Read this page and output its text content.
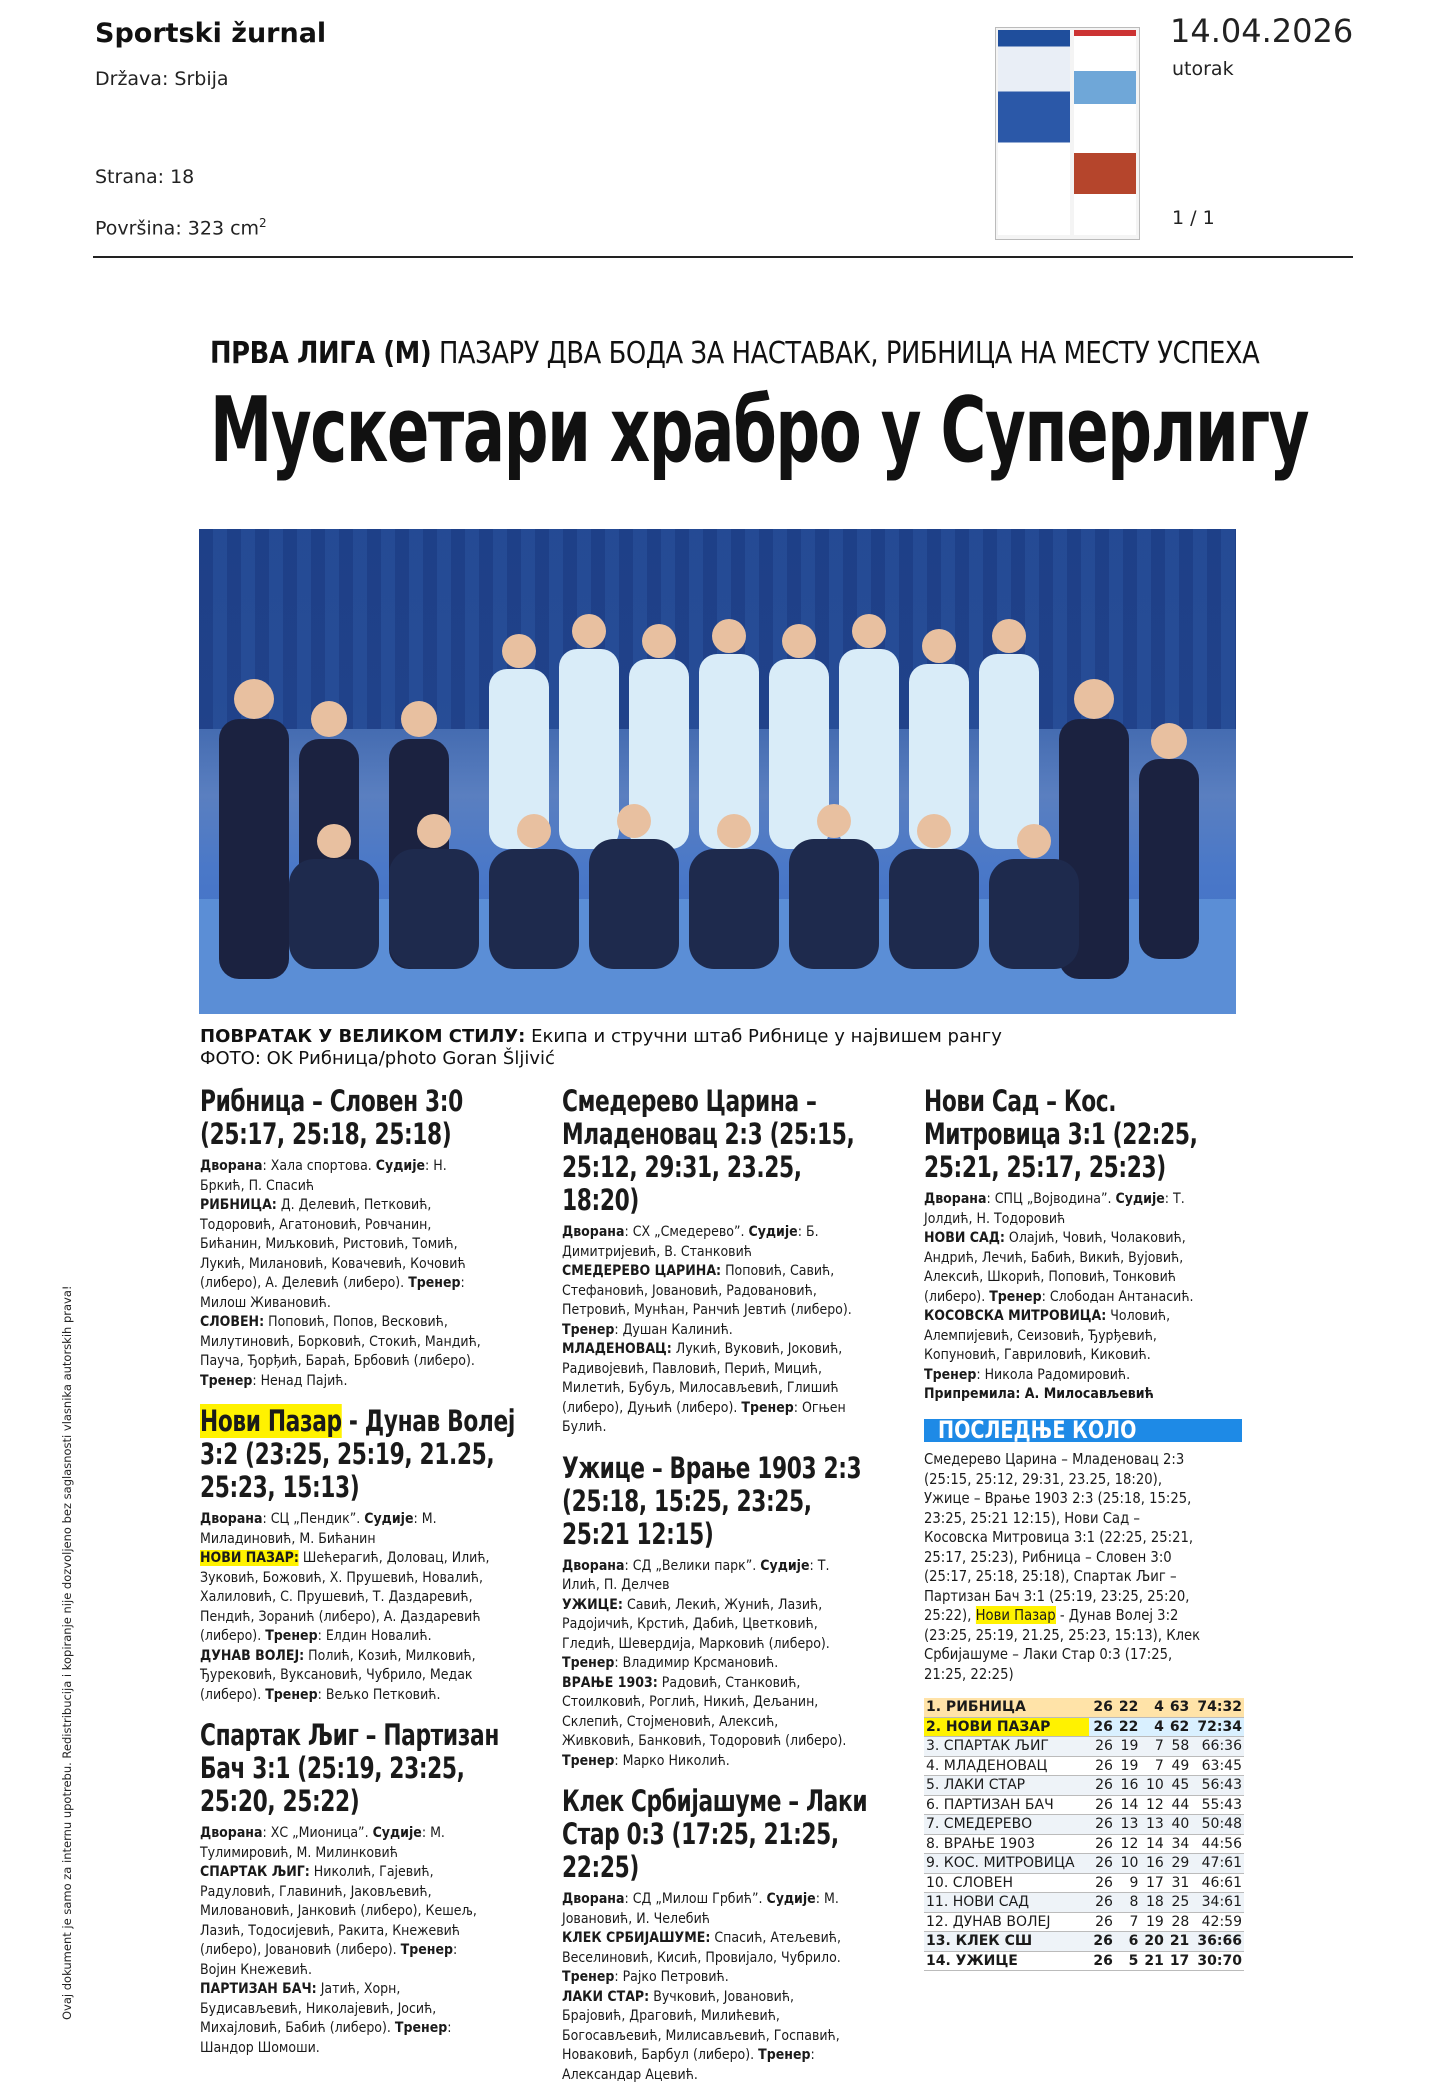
Sportski žurnal
Država: Srbija
Strana: 18
Površina: 323 $cm^2$
14.04.2026
utorak
1 / 1
ПРВА ЛИГА (М) ПАЗАРУ ДВА БОДА ЗА НАСТАВАК, РИБНИЦА НА МЕСТУ УСПЕХА
Мускетари храбро у Суперлигу
ПОВРАТАК У ВЕЛИКОМ СТИЛУ: Екипа и стручни штаб Рибнице у највишем рангу
ФОТО: OK Рибница/photo Goran Šljivić
Рибница – Словен 3:0 (25:17, 25:18, 25:18)
Дворана: Хала спортова. Судије: Н. Бркић, П. Спасић
РИБНИЦА: Д. Делевић, Петковић, Тодоровић, Агатоновић, Ровчанин, Бићанин, Миљковић, Ристовић, Томић, Лукић, Милановић, Ковачевић, Кочовић (либеро), А. Делевић (либеро). Тренер: Милош Живановић.
СЛОВЕН: Поповић, Попов, Весковић, Милутиновић, Борковић, Стокић, Мандић, Пауча, Ђорђић, Бараћ, Брбовић (либеро). Тренер: Ненад Пајић.
Нови Пазар - Дунав Волеј 3:2 (23:25, 25:19, 21.25, 25:23, 15:13)
Дворана: СЦ „Пендик”. Судије: М. Миладиновић, М. Бићанин
НОВИ ПАЗАР: Шећерагић, Доловац, Илић, Зуковић, Божовић, Х. Прушевић, Новалић, Халиловић, С. Прушевић, Т. Даздаревић, Пендић, Зоранић (либеро), А. Даздаревић (либеро). Тренер: Елдин Новалић.
ДУНАВ ВОЛЕЈ: Полић, Козић, Милковић, Ђурековић, Вуксановић, Чубрило, Медак (либеро). Тренер: Вељко Петковић.
Спартак Љиг – Партизан Бач 3:1 (25:19, 23:25, 25:20, 25:22)
Дворана: ХС „Мионица”. Судије: М. Тулимировић, М. Милинковић
СПАРТАК ЉИГ: Николић, Гајевић, Радуловић, Главинић, Јаковљевић, Миловановић, Јанковић (либеро), Кешељ, Лазић, Тодосијевић, Ракита, Кнежевић (либеро), Јовановић (либеро). Тренер: Војин Кнежевић.
ПАРТИЗАН БАЧ: Јатић, Хорн, Будисављевић, Николајевић, Јосић, Михајловић, Бабић (либеро). Тренер: Шандор Шомоши.
Смедерево Царина – Младеновац 2:3 (25:15, 25:12, 29:31, 23.25, 18:20)
Дворана: СХ „Смедерево”. Судије: Б. Димитријевић, В. Станковић
СМЕДЕРЕВО ЦАРИНА: Поповић, Савић, Стефановић, Јовановић, Радовановић, Петровић, Мунћан, Ранчић Јевтић (либеро). Тренер: Душан Калинић.
МЛАДЕНОВАЦ: Лукић, Вуковић, Јоковић, Радивојевић, Павловић, Перић, Мицић, Милетић, Бубуљ, Милосављевић, Глишић (либеро), Дуњић (либеро). Тренер: Огњен Булић.
Ужице – Врање 1903 2:3 (25:18, 15:25, 23:25, 25:21 12:15)
Дворана: СД „Велики парк”. Судије: Т. Илић, П. Делчев
УЖИЦЕ: Савић, Лекић, Жунић, Лазић, Радојичић, Крстић, Дабић, Цветковић, Гледић, Шевердија, Марковић (либеро). Тренер: Владимир Крсмановић.
ВРАЊЕ 1903: Радовић, Станковић, Стоилковић, Роглић, Никић, Дељанин, Склепић, Стојменовић, Алексић, Живковић, Банковић, Тодоровић (либеро). Тренер: Марко Николић.
Клек Србијашуме – Лаки Стар 0:3 (17:25, 21:25, 22:25)
Дворана: СД „Милош Грбић”. Судије: М. Јовановић, И. Челебић
КЛЕК СРБИЈАШУМЕ: Спасић, Атељевић, Веселиновић, Кисић, Провијало, Чубрило. Тренер: Рајко Петровић.
ЛАКИ СТАР: Вучковић, Јовановић, Брајовић, Драговић, Милићевић, Богосављевић, Милисављевић, Госпавић, Новаковић, Барбул (либеро). Тренер: Александар Ацевић.
Нови Сад – Кос. Митровица 3:1 (22:25, 25:21, 25:17, 25:23)
Дворана: СПЦ „Војводина”. Судије: Т. Јолдић, Н. Тодоровић
НОВИ САД: Олајић, Човић, Чолаковић, Андрић, Лечић, Бабић, Викић, Вујовић, Алексић, Шкорић, Поповић, Тонковић (либеро). Тренер: Слободан Антанасић.
КОСОВСКА МИТРОВИЦА: Чоловић, Алемпијевић, Сеизовић, Ђурђевић, Копуновић, Гавриловић, Киковић. Тренер: Никола Радомировић.
Припремила: А. Милосављевић
ПОСЛЕДЊЕ КОЛО
Смедерево Царина – Младеновац 2:3 (25:15, 25:12, 29:31, 23.25, 18:20), Ужице – Врање 1903 2:3 (25:18, 15:25, 23:25, 25:21 12:15), Нови Сад – Косовска Митровица 3:1 (22:25, 25:21, 25:17, 25:23), Рибница – Словен 3:0 (25:17, 25:18, 25:18), Спартак Љиг – Партизан Бач 3:1 (25:19, 23:25, 25:20, 25:22), Нови Пазар - Дунав Волеј 3:2 (23:25, 25:19, 21.25, 25:23, 15:13), Клек Србијашуме – Лаки Стар 0:3 (17:25, 21:25, 22:25)
1. РИБНИЦА	26	22	4	63	74:32
2. НОВИ ПАЗАР	26	22	4	62	72:34
3. СПАРТАК ЉИГ	26	19	7	58	66:36
4. МЛАДЕНОВАЦ	26	19	7	49	63:45
5. ЛАКИ СТАР	26	16	10	45	56:43
6. ПАРТИЗАН БАЧ	26	14	12	44	55:43
7. СМЕДЕРЕВО	26	13	13	40	50:48
8. ВРАЊЕ 1903	26	12	14	34	44:56
9. КОС. МИТРОВИЦА	26	10	16	29	47:61
10. СЛОВЕН	26	9	17	31	46:61
11. НОВИ САД	26	8	18	25	34:61
12. ДУНАВ ВОЛЕЈ	26	7	19	28	42:59
13. КЛЕК СШ	26	6	20	21	36:66
14. УЖИЦЕ	26	5	21	17	30:70
Ovaj dokument je samo za internu upotrebu. Redistribucija i kopiranje nije dozvoljeno bez saglasnosti vlasnika autorskih prava!
